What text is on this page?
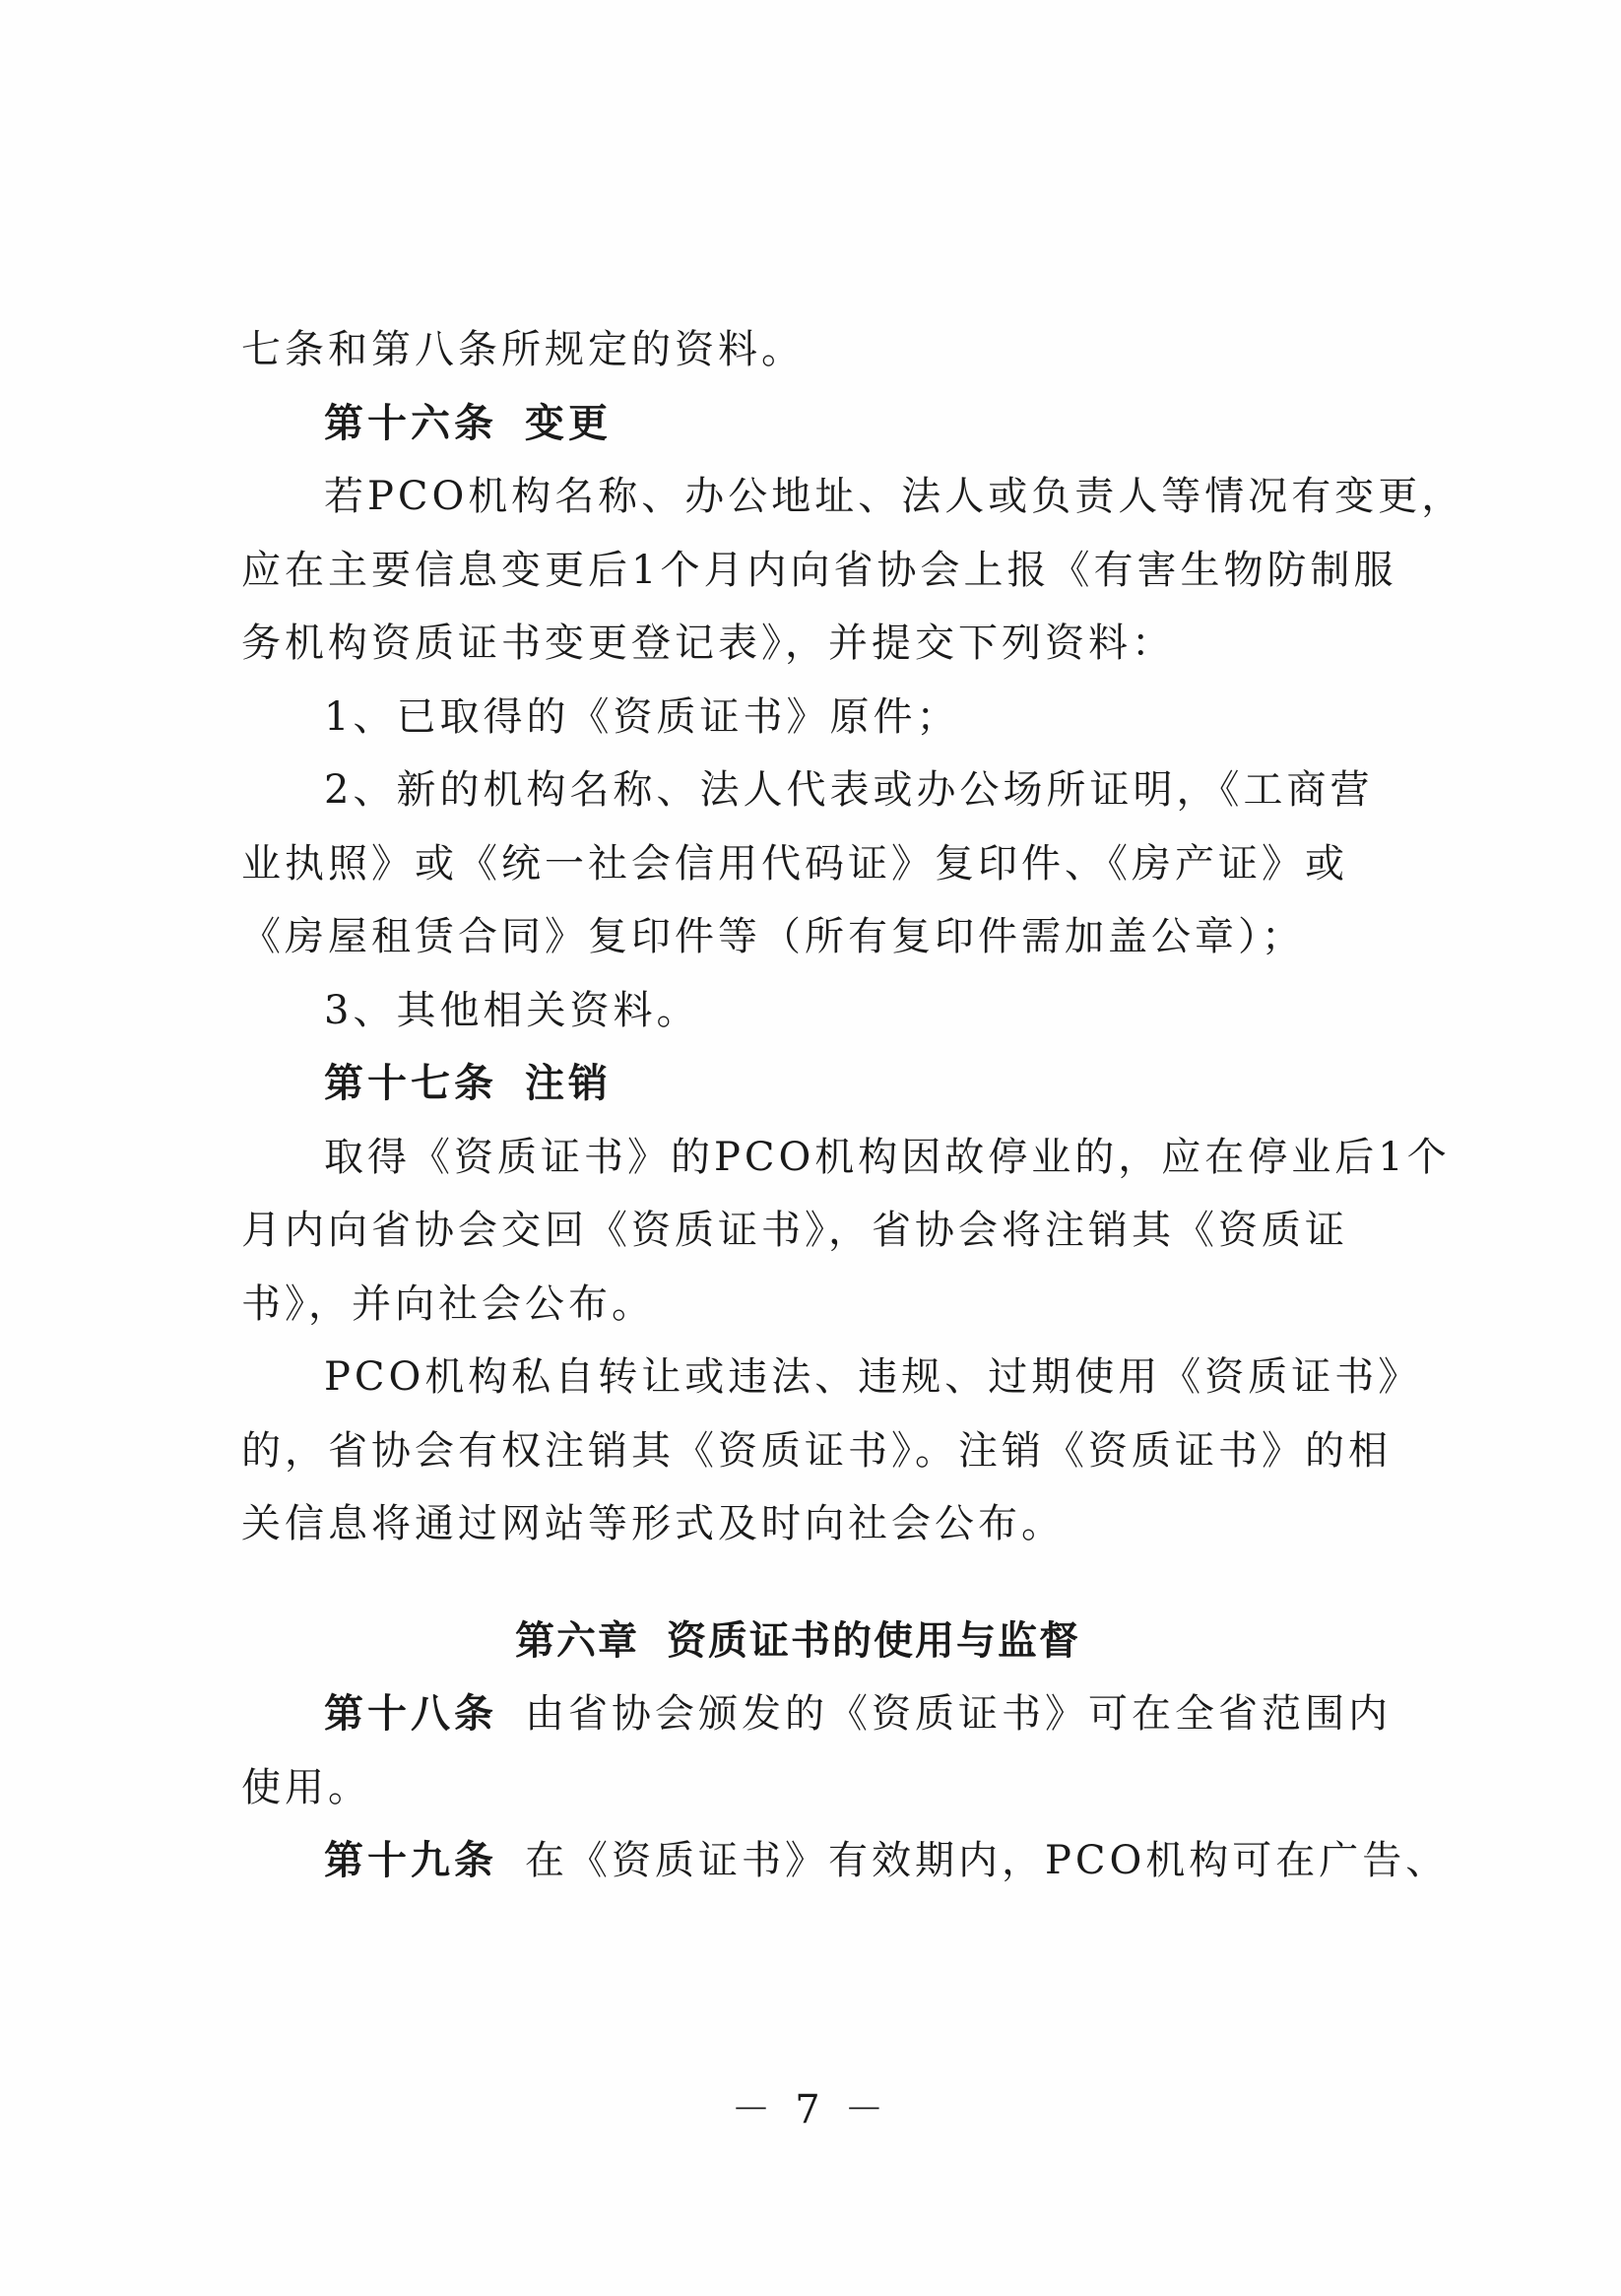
七条和第八条所规定的资料。
第十六条 变更
若PCO机构名称、办公地址、法人或负责人等情况有变更，
应在主要信息变更后1个月内向省协会上报《有害生物防制服
务机构资质证书变更登记表》，并提交下列资料：
1、已取得的《资质证书》原件；
2、新的机构名称、法人代表或办公场所证明，《工商营
业执照》或《统一社会信用代码证》复印件、《房产证》或
《房屋租赁合同》复印件等（所有复印件需加盖公章）；
3、其他相关资料。
第十七条 注销
取得《资质证书》的PCO机构因故停业的，应在停业后1个
月内向省协会交回《资质证书》，省协会将注销其《资质证
书》，并向社会公布。
PCO机构私自转让或违法、违规、过期使用《资质证书》
的，省协会有权注销其《资质证书》。注销《资质证书》的相
关信息将通过网站等形式及时向社会公布。
第六章 资质证书的使用与监督
第十八条 由省协会颁发的《资质证书》可在全省范围内
使用。
第十九条 在《资质证书》有效期内，PCO机构可在广告、
－ 7 －
